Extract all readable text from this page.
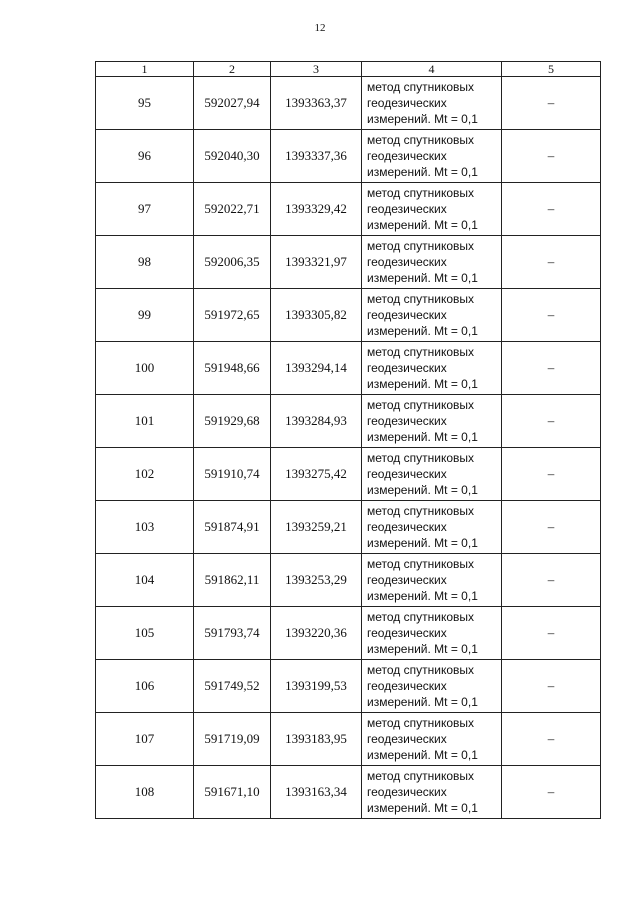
12
1	2	3	4	5
95	592027,94	1393363,37	метод спутниковых
геодезических
измерений. Mt = 0,1	–
96	592040,30	1393337,36	метод спутниковых
геодезических
измерений. Mt = 0,1	–
97	592022,71	1393329,42	метод спутниковых
геодезических
измерений. Mt = 0,1	–
98	592006,35	1393321,97	метод спутниковых
геодезических
измерений. Mt = 0,1	–
99	591972,65	1393305,82	метод спутниковых
геодезических
измерений. Mt = 0,1	–
100	591948,66	1393294,14	метод спутниковых
геодезических
измерений. Mt = 0,1	–
101	591929,68	1393284,93	метод спутниковых
геодезических
измерений. Mt = 0,1	–
102	591910,74	1393275,42	метод спутниковых
геодезических
измерений. Mt = 0,1	–
103	591874,91	1393259,21	метод спутниковых
геодезических
измерений. Mt = 0,1	–
104	591862,11	1393253,29	метод спутниковых
геодезических
измерений. Mt = 0,1	–
105	591793,74	1393220,36	метод спутниковых
геодезических
измерений. Mt = 0,1	–
106	591749,52	1393199,53	метод спутниковых
геодезических
измерений. Mt = 0,1	–
107	591719,09	1393183,95	метод спутниковых
геодезических
измерений. Mt = 0,1	–
108	591671,10	1393163,34	метод спутниковых
геодезических
измерений. Mt = 0,1	–
